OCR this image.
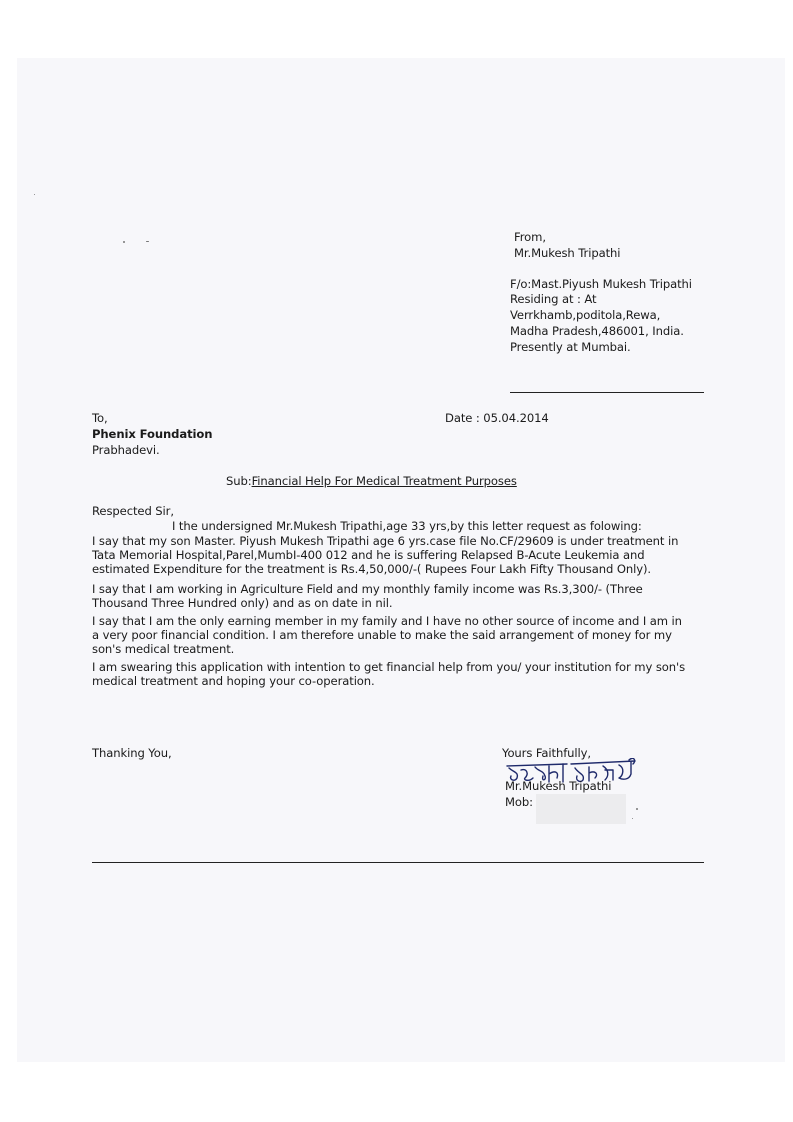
From,
Mr.Mukesh Tripathi
F/o:Mast.Piyush Mukesh Tripathi
Residing at : At
Verrkhamb,poditola,Rewa,
Madha Pradesh,486001, India.
Presently at Mumbai.
To,
Phenix Foundation
Prabhadevi.
Date : 05.04.2014
Sub:Financial Help For Medical Treatment Purposes
Respected Sir,
I the undersigned Mr.Mukesh Tripathi,age 33 yrs,by this letter request as folowing:
I say that my son Master. Piyush Mukesh Tripathi age 6 yrs.case file No.CF/29609 is under treatment in
Tata Memorial Hospital,Parel,MumbI-400 012 and he is suffering Relapsed B-Acute Leukemia and
estimated Expenditure for the treatment is Rs.4,50,000/-( Rupees Four Lakh Fifty Thousand Only).
I say that I am working in Agriculture Field and my monthly family income was Rs.3,300/- (Three
Thousand Three Hundred only) and as on date in nil.
I say that I am the only earning member in my family and I have no other source of income and I am in
a very poor financial condition. I am therefore unable to make the said arrangement of money for my
son's medical treatment.
I am swearing this application with intention to get financial help from you/ your institution for my son's
medical treatment and hoping your co-operation.
Thanking You,	Yours Faithfully,
Mr.Mukesh Tripathi
Mob:
